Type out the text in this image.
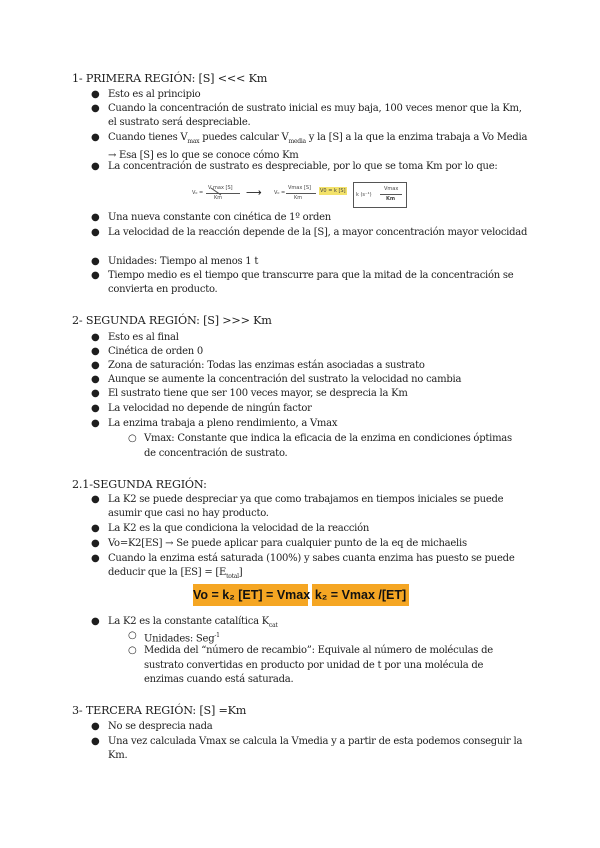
1- PRIMERA REGIÓN: [S] <<< Km
● Esto es al principio
● Cuando la concentración de sustrato inicial es muy baja, 100 veces menor que la Km, el sustrato será despreciable.
● Cuando tienes $V_{max}$ puedes calcular $V_{media}$ y la [S] a la que la enzima trabaja a Vo Media → Esa [S] es lo que se conoce cómo Km
● La concentración de sustrato es despreciable, por lo que se toma Km por lo que:
V₀ =
V max [S]
Km ⟶ V₀ =
Vmax [S]
Km
V0 = k [S]
k (s⁻¹)
Vmax
Km
● Una nueva constante con cinética de 1º orden
● La velocidad de la reacción depende de la [S], a mayor concentración mayor velocidad
● Unidades: Tiempo al menos 1 t
● Tiempo medio es el tiempo que transcurre para que la mitad de la concentración se convierta en producto.
2- SEGUNDA REGIÓN: [S] >>> Km
● Esto es al final
● Cinética de orden 0
● Zona de saturación: Todas las enzimas están asociadas a sustrato
● Aunque se aumente la concentración del sustrato la velocidad no cambia
● El sustrato tiene que ser 100 veces mayor, se desprecia la Km
● La velocidad no depende de ningún factor
● La enzima trabaja a pleno rendimiento, a Vmax
○ Vmax: Constante que indica la eficacia de la enzima en condiciones óptimas de concentración de sustrato.
2.1-SEGUNDA REGIÓN:
● La K2 se puede despreciar ya que como trabajamos en tiempos iniciales se puede asumir que casi no hay producto.
● La K2 es la que condiciona la velocidad de la reacción
● Vo=K2[ES] → Se puede aplicar para cualquier punto de la eq de michaelis
● Cuando la enzima está saturada (100%) y sabes cuanta enzima has puesto se puede deducir que la $[ES] = [E_{total}]$
Vo = k₂ [ET] = Vmax k₂ = Vmax /[ET]
● La K2 es la constante catalítica $K_{cat}$
○ Unidades: Seg$^{-1}$
○ Medida del “número de recambio”: Equivale al número de moléculas de sustrato convertidas en producto por unidad de t por una molécula de enzimas cuando está saturada.
3- TERCERA REGIÓN: [S] =Km
● No se desprecia nada
● Una vez calculada Vmax se calcula la Vmedia y a partir de esta podemos conseguir la Km.
